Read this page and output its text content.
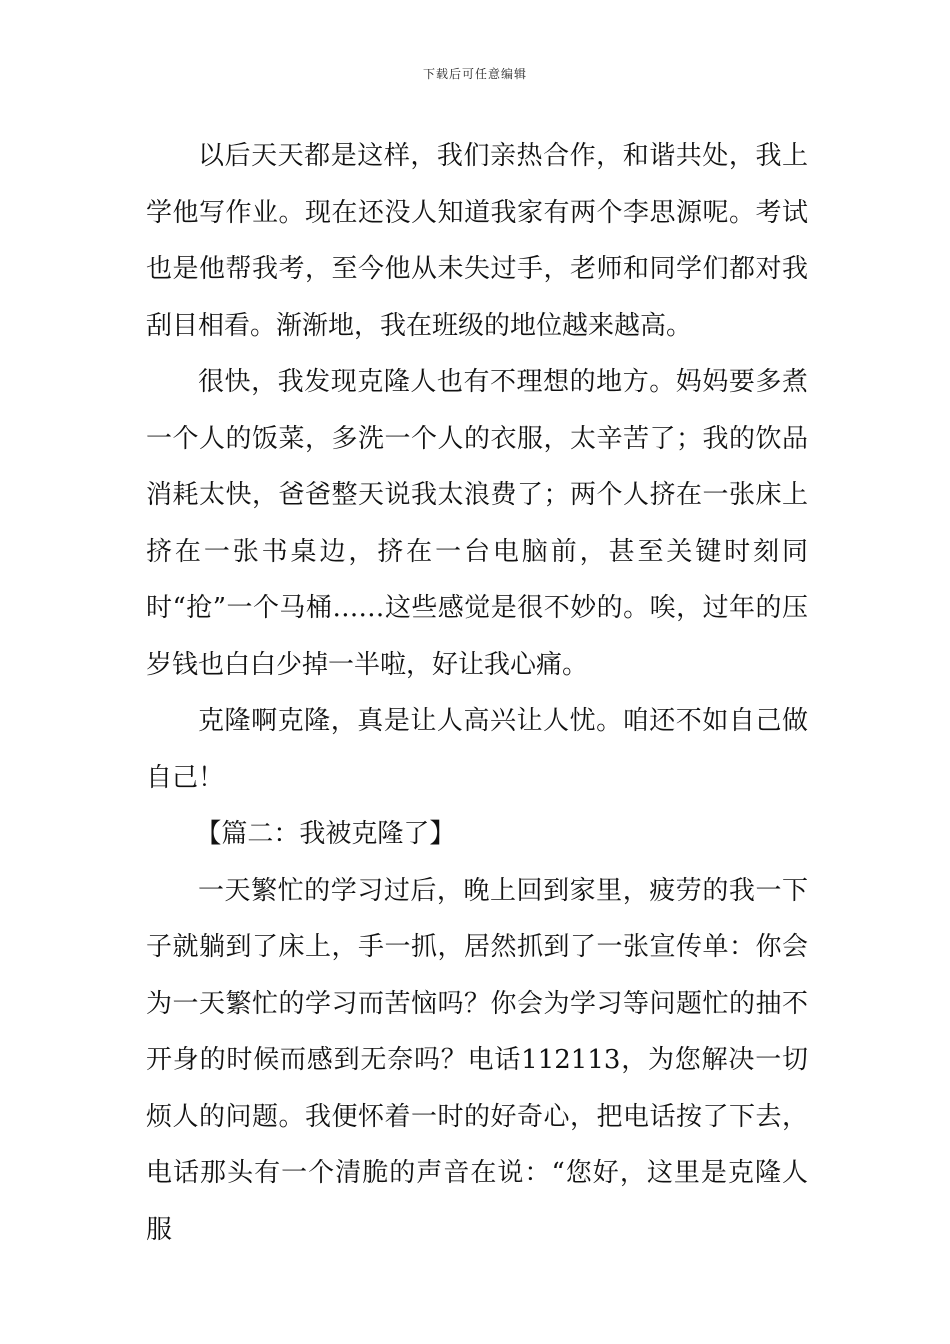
下载后可任意编辑

以后天天都是这样，我们亲热合作，和谐共处，我上学他写作业。现在还没人知道我家有两个李思源呢。考试也是他帮我考，至今他从未失过手，老师和同学们都对我刮目相看。渐渐地，我在班级的地位越来越高。

很快，我发现克隆人也有不理想的地方。妈妈要多煮一个人的饭菜，多洗一个人的衣服，太辛苦了；我的饮品消耗太快，爸爸整天说我太浪费了；两个人挤在一张床上挤在一张书桌边，挤在一台电脑前，甚至关键时刻同时“抢”一个马桶……这些感觉是很不妙的。唉，过年的压岁钱也白白少掉一半啦，好让我心痛。

克隆啊克隆，真是让人高兴让人忧。咱还不如自己做自己！

【篇二：我被克隆了】

一天繁忙的学习过后，晚上回到家里，疲劳的我一下子就躺到了床上，手一抓，居然抓到了一张宣传单：你会为一天繁忙的学习而苦恼吗？你会为学习等问题忙的抽不开身的时候而感到无奈吗？电话112113，为您解决一切烦人的问题。我便怀着一时的好奇心，把电话按了下去，电话那头有一个清脆的声音在说：“您好，这里是克隆人服
